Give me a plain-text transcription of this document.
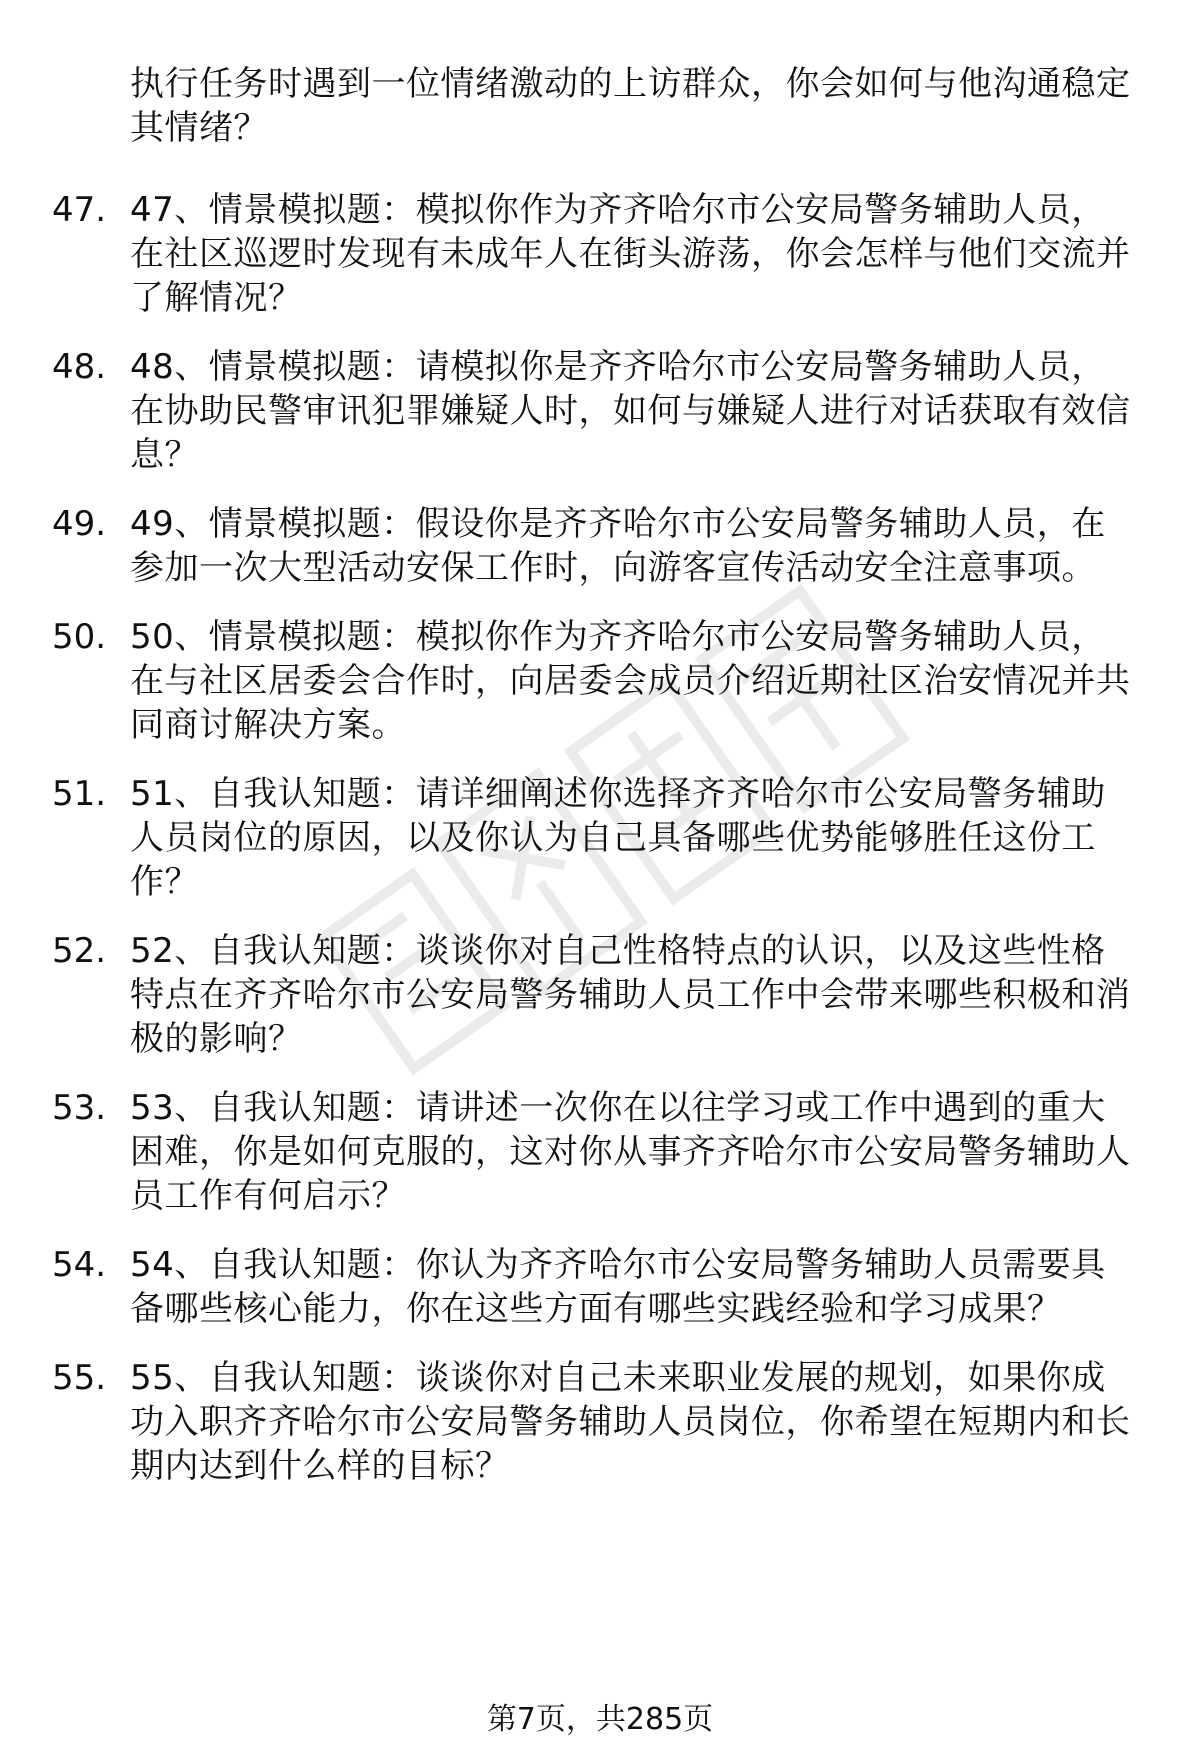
执行任务时遇到一位情绪激动的上访群众，你会如何与他沟通稳定其情绪？
47. 47、情景模拟题：模拟你作为齐齐哈尔市公安局警务辅助人员，在社区巡逻时发现有未成年人在街头游荡，你会怎样与他们交流并了解情况？
48. 48、情景模拟题：请模拟你是齐齐哈尔市公安局警务辅助人员，在协助民警审讯犯罪嫌疑人时，如何与嫌疑人进行对话获取有效信息？
49. 49、情景模拟题：假设你是齐齐哈尔市公安局警务辅助人员，在参加一次大型活动安保工作时，向游客宣传活动安全注意事项。
50. 50、情景模拟题：模拟你作为齐齐哈尔市公安局警务辅助人员，在与社区居委会合作时，向居委会成员介绍近期社区治安情况并共同商讨解决方案。
51. 51、自我认知题：请详细阐述你选择齐齐哈尔市公安局警务辅助人员岗位的原因，以及你认为自己具备哪些优势能够胜任这份工作？
52. 52、自我认知题：谈谈你对自己性格特点的认识，以及这些性格特点在齐齐哈尔市公安局警务辅助人员工作中会带来哪些积极和消极的影响？
53. 53、自我认知题：请讲述一次你在以往学习或工作中遇到的重大困难，你是如何克服的，这对你从事齐齐哈尔市公安局警务辅助人员工作有何启示？
54. 54、自我认知题：你认为齐齐哈尔市公安局警务辅助人员需要具备哪些核心能力，你在这些方面有哪些实践经验和学习成果？
55. 55、自我认知题：谈谈你对自己未来职业发展的规划，如果你成功入职齐齐哈尔市公安局警务辅助人员岗位，你希望在短期内和长期内达到什么样的目标？
第7页，共285页
